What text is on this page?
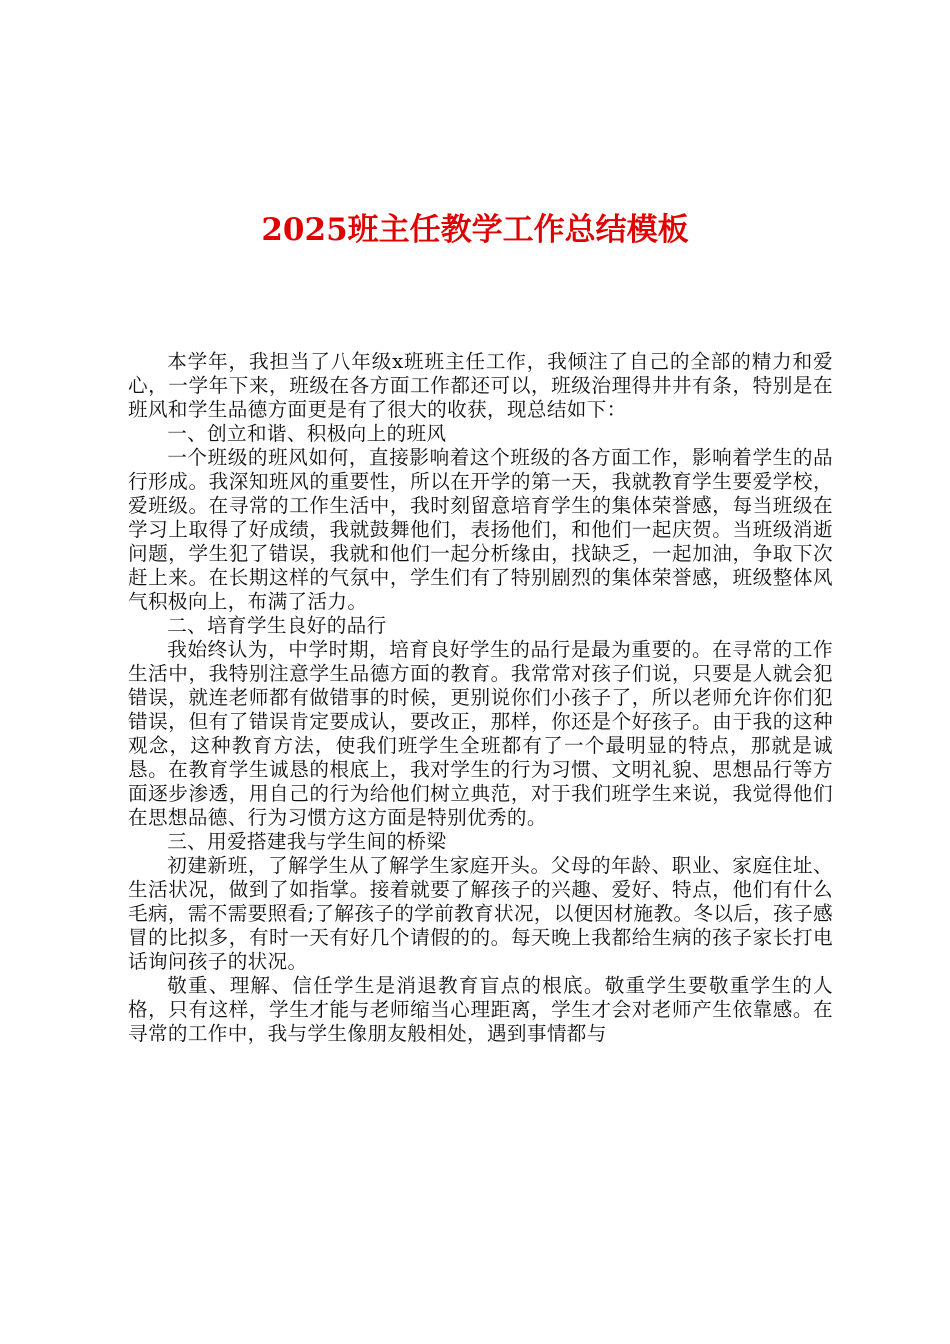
2025班主任教学工作总结模板

本学年，我担当了八年级x班班主任工作，我倾注了自己的全部的精力和爱心，一学年下来，班级在各方面工作都还可以，班级治理得井井有条，特别是在班风和学生品德方面更是有了很大的收获，现总结如下：

一、创立和谐、积极向上的班风

一个班级的班风如何，直接影响着这个班级的各方面工作，影响着学生的品行形成。我深知班风的重要性，所以在开学的第一天，我就教育学生要爱学校，爱班级。在寻常的工作生活中，我时刻留意培育学生的集体荣誉感，每当班级在学习上取得了好成绩，我就鼓舞他们，表扬他们，和他们一起庆贺。当班级消逝问题，学生犯了错误，我就和他们一起分析缘由，找缺乏，一起加油，争取下次赶上来。在长期这样的气氛中，学生们有了特别剧烈的集体荣誉感，班级整体风气积极向上，布满了活力。

二、培育学生良好的品行

我始终认为，中学时期，培育良好学生的品行是最为重要的。在寻常的工作生活中，我特别注意学生品德方面的教育。我常常对孩子们说，只要是人就会犯错误，就连老师都有做错事的时候，更别说你们小孩子了，所以老师允许你们犯错误，但有了错误肯定要成认，要改正，那样，你还是个好孩子。由于我的这种观念，这种教育方法，使我们班学生全班都有了一个最明显的特点，那就是诚恳。在教育学生诚恳的根底上，我对学生的行为习惯、文明礼貌、思想品行等方面逐步渗透，用自己的行为给他们树立典范，对于我们班学生来说，我觉得他们在思想品德、行为习惯方这方面是特别优秀的。

三、用爱搭建我与学生间的桥梁

初建新班，了解学生从了解学生家庭开头。父母的年龄、职业、家庭住址、生活状况，做到了如指掌。接着就要了解孩子的兴趣、爱好、特点，他们有什么毛病，需不需要照看;了解孩子的学前教育状况，以便因材施教。冬以后，孩子感冒的比拟多，有时一天有好几个请假的的。每天晚上我都给生病的孩子家长打电话询问孩子的状况。

敬重、理解、信任学生是消退教育盲点的根底。敬重学生要敬重学生的人格，只有这样，学生才能与老师缩当心理距离，学生才会对老师产生依靠感。在寻常的工作中，我与学生像朋友般相处，遇到事情都与
